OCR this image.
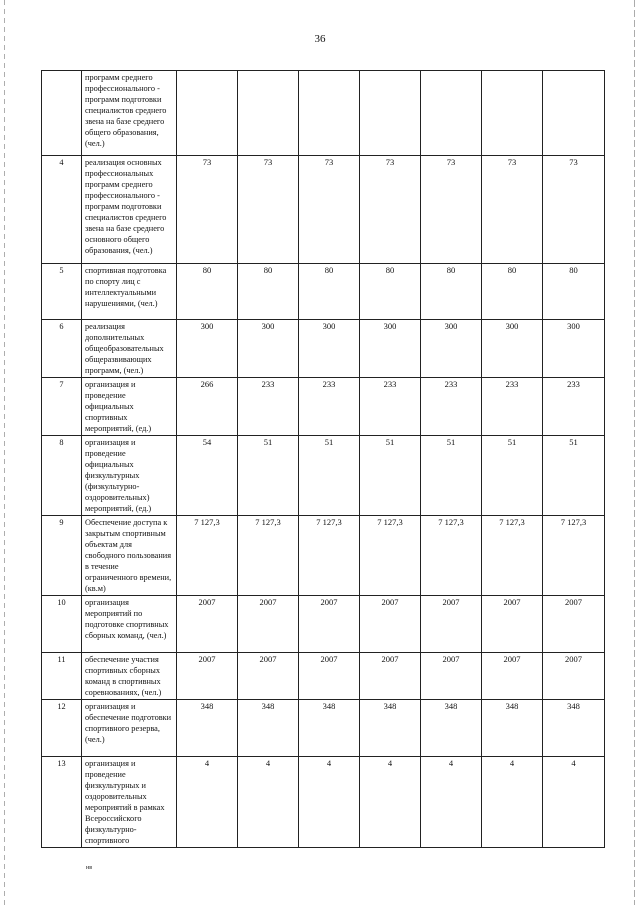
36
	программ среднего профессионального - программ подготовки специалистов среднего звена на базе среднего общего образования, (чел.)							
4	реализация основных профессиональных программ среднего профессионального - программ подготовки специалистов среднего звена на базе среднего основного общего образования, (чел.)	73	73	73	73	73	73	73
5	спортивная подготовка по спорту лиц с интеллектуальными нарушениями, (чел.)	80	80	80	80	80	80	80
6	реализация дополнительных общеобразовательных общеразвивающих программ, (чел.)	300	300	300	300	300	300	300
7	организация и проведение официальных спортивных мероприятий, (ед.)	266	233	233	233	233	233	233
8	организация и проведение официальных физкультурных (физкультурно-оздоровительных) мероприятий, (ед.)	54	51	51	51	51	51	51
9	Обеспечение доступа к закрытым спортивным объектам для свободного пользования в течение ограниченного времени, (кв.м)	7 127,3	7 127,3	7 127,3	7 127,3	7 127,3	7 127,3	7 127,3
10	организация мероприятий по подготовке спортивных сборных команд, (чел.)	2007	2007	2007	2007	2007	2007	2007
11	обеспечение участия спортивных сборных команд в спортивных соревнованиях, (чел.)	2007	2007	2007	2007	2007	2007	2007
12	организация и обеспечение подготовки спортивного резерва, (чел.)	348	348	348	348	348	348	348
13	организация и проведение физкультурных и оздоровительных мероприятий в рамках Всероссийского физкультурно-спортивного	4	4	4	4	4	4	4
нв
